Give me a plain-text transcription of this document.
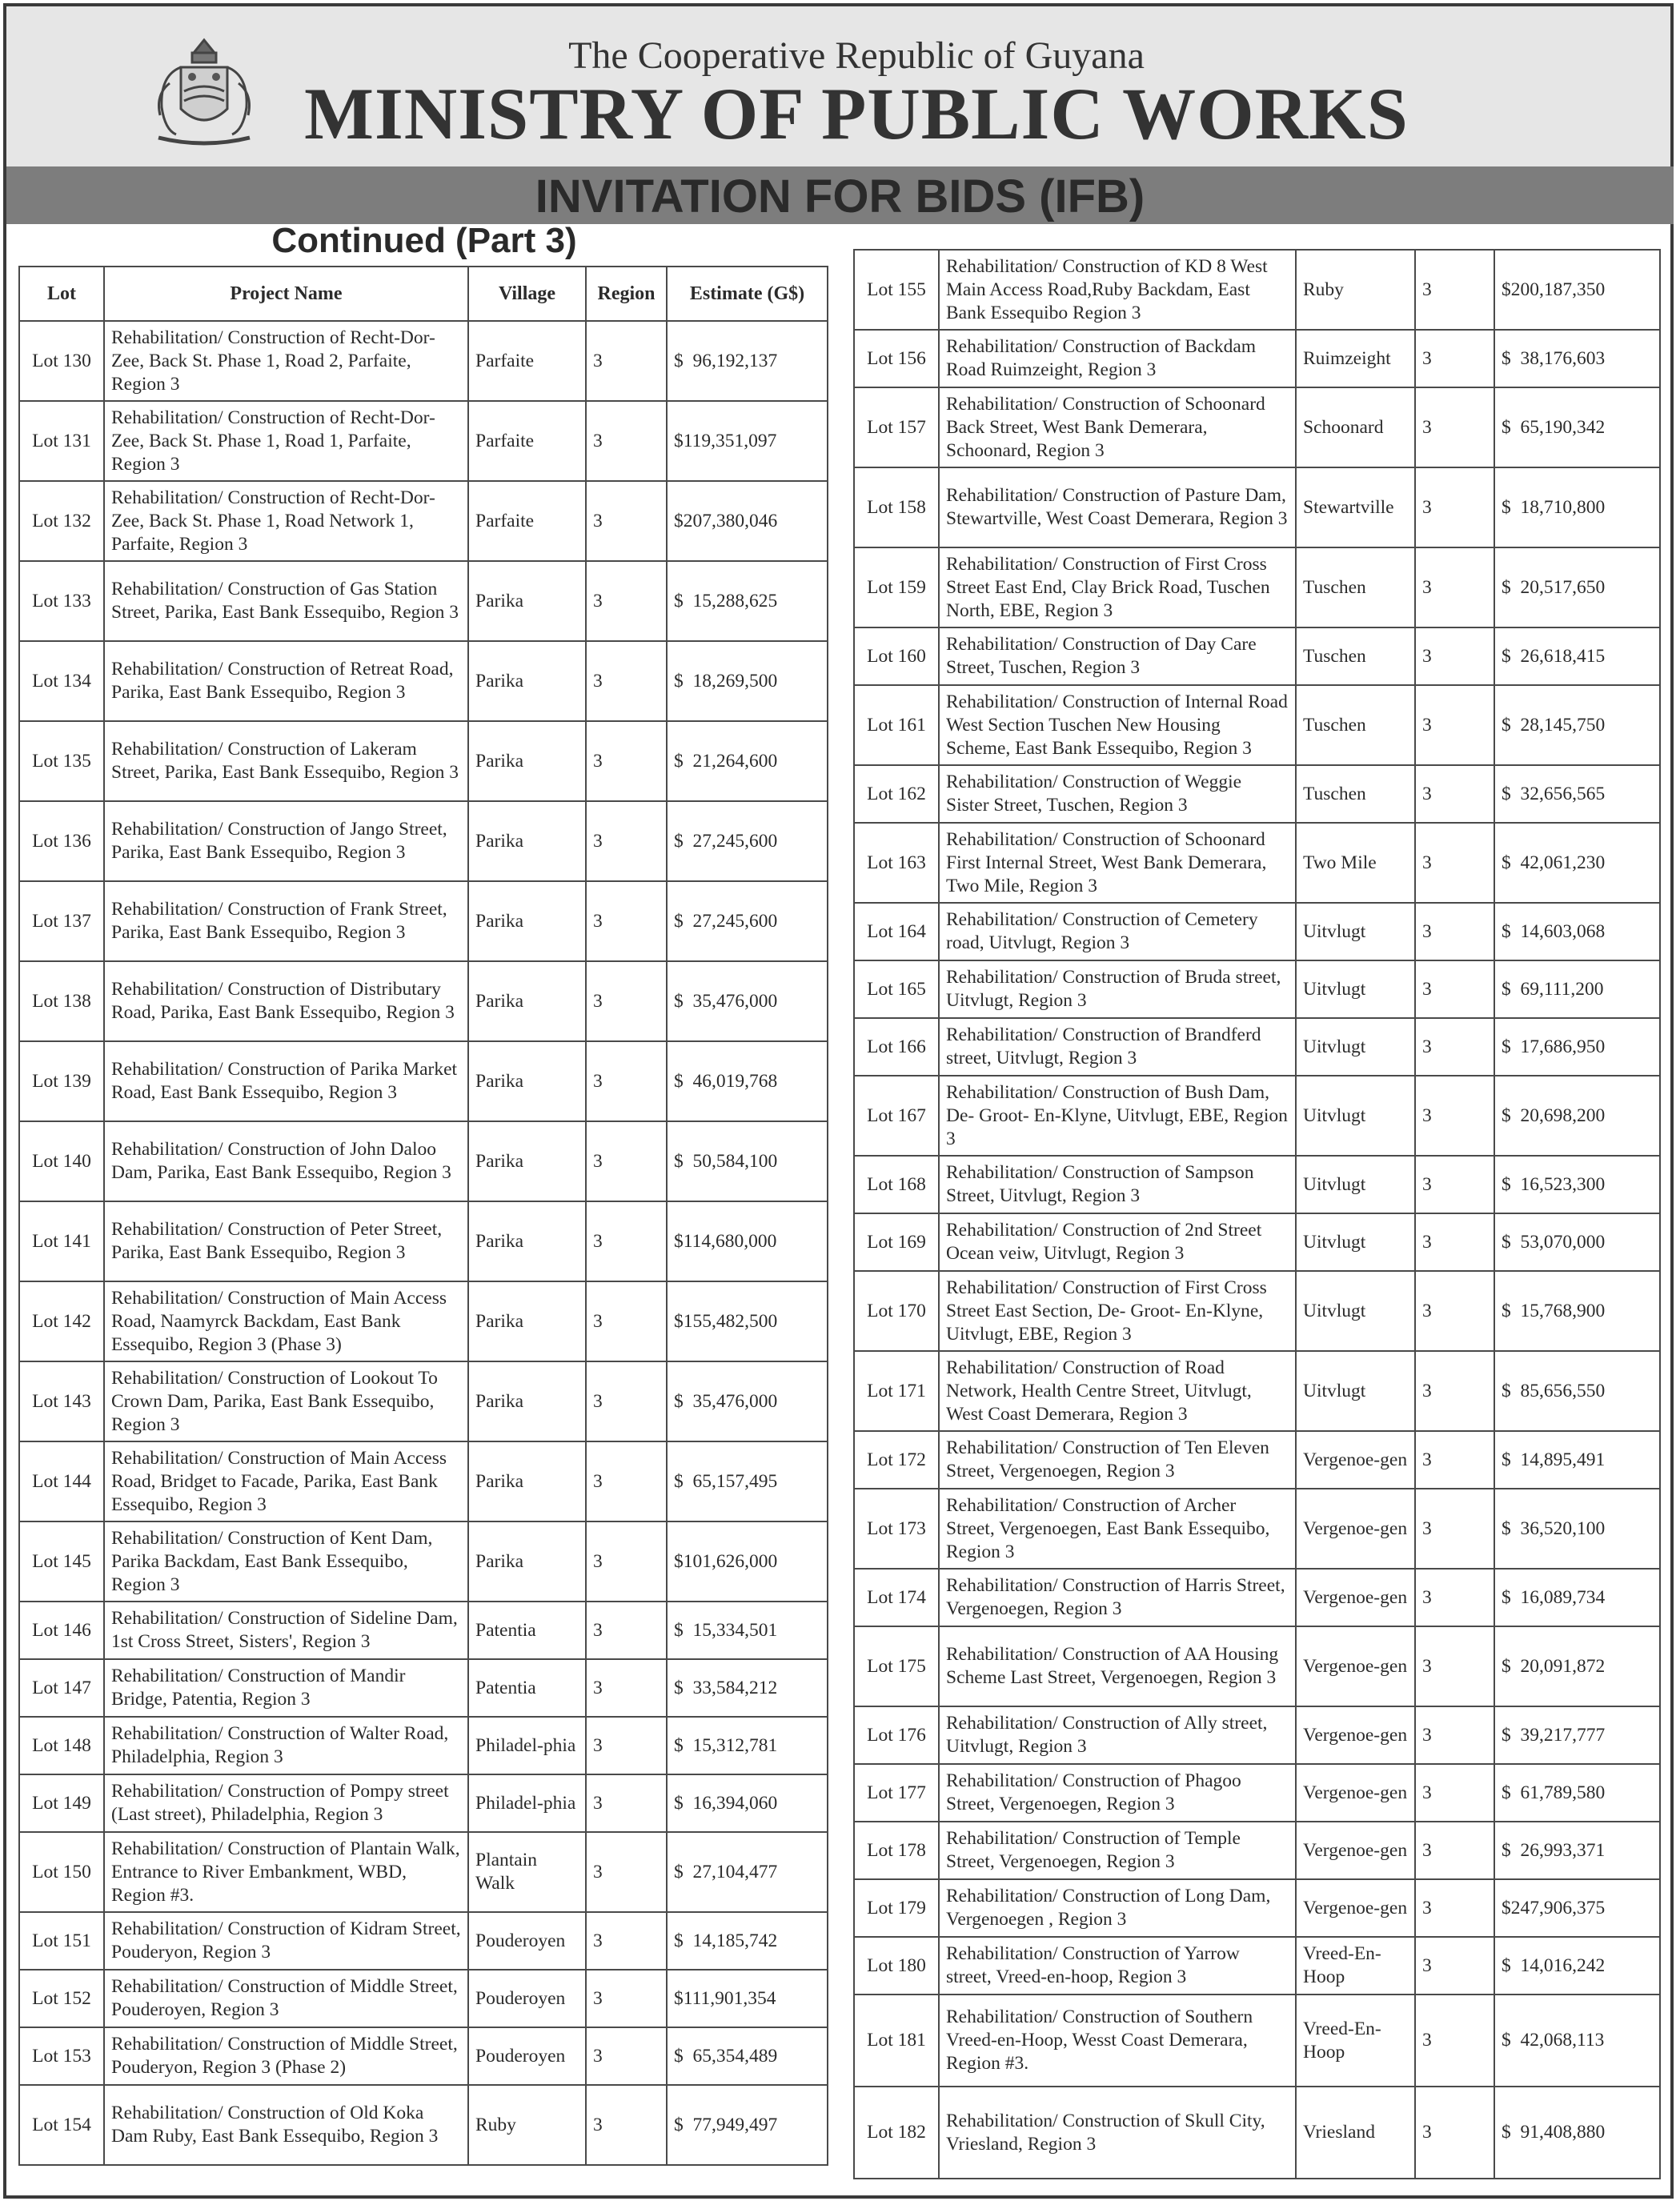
The Cooperative Republic of Guyana
MINISTRY OF PUBLIC WORKS
INVITATION FOR BIDS (IFB)
Continued (Part 3)
Lot	Project Name	Village	Region	Estimate (G$)
Lot 130	Rehabilitation/ Construction of Recht-Dor-Zee, Back St. Phase 1, Road 2, Parfaite, Region 3	Parfaite	3	$  96,192,137
Lot 131	Rehabilitation/ Construction of Recht-Dor-Zee, Back St. Phase 1, Road 1, Parfaite, Region 3	Parfaite	3	$119,351,097
Lot 132	Rehabilitation/ Construction of Recht-Dor-Zee, Back St. Phase 1, Road Network 1, Parfaite, Region 3	Parfaite	3	$207,380,046
Lot 133	Rehabilitation/ Construction of Gas Station Street, Parika, East Bank Essequibo, Region 3	Parika	3	$  15,288,625
Lot 134	Rehabilitation/ Construction of Retreat Road, Parika, East Bank Essequibo, Region 3	Parika	3	$  18,269,500
Lot 135	Rehabilitation/ Construction of Lakeram Street, Parika, East Bank Essequibo, Region 3	Parika	3	$  21,264,600
Lot 136	Rehabilitation/ Construction of Jango Street, Parika, East Bank Essequibo, Region 3	Parika	3	$  27,245,600
Lot 137	Rehabilitation/ Construction of Frank Street, Parika, East Bank Essequibo, Region 3	Parika	3	$  27,245,600
Lot 138	Rehabilitation/ Construction of Distributary Road, Parika, East Bank Essequibo, Region 3	Parika	3	$  35,476,000
Lot 139	Rehabilitation/ Construction of Parika Market Road, East Bank Essequibo, Region 3	Parika	3	$  46,019,768
Lot 140	Rehabilitation/ Construction of John Daloo Dam, Parika, East Bank Essequibo, Region 3	Parika	3	$  50,584,100
Lot 141	Rehabilitation/ Construction of Peter Street, Parika, East Bank Essequibo, Region 3	Parika	3	$114,680,000
Lot 142	Rehabilitation/ Construction of Main Access Road, Naamyrck Backdam, East Bank Essequibo, Region 3 (Phase 3)	Parika	3	$155,482,500
Lot 143	Rehabilitation/ Construction of Lookout To Crown Dam, Parika, East Bank Essequibo, Region 3	Parika	3	$  35,476,000
Lot 144	Rehabilitation/ Construction of Main Access Road, Bridget to Facade, Parika, East Bank Essequibo, Region 3	Parika	3	$  65,157,495
Lot 145	Rehabilitation/ Construction of Kent Dam, Parika Backdam, East Bank Essequibo, Region 3	Parika	3	$101,626,000
Lot 146	Rehabilitation/ Construction of Sideline Dam, 1st Cross Street, Sisters', Region 3	Patentia	3	$  15,334,501
Lot 147	Rehabilitation/ Construction of Mandir Bridge, Patentia, Region 3	Patentia	3	$  33,584,212
Lot 148	Rehabilitation/ Construction of Walter Road, Philadelphia, Region 3	Philadel-phia	3	$  15,312,781
Lot 149	Rehabilitation/ Construction of Pompy street (Last street), Philadelphia, Region 3	Philadel-phia	3	$  16,394,060
Lot 150	Rehabilitation/ Construction of Plantain Walk, Entrance to River Embankment, WBD, Region #3.	Plantain Walk	3	$  27,104,477
Lot 151	Rehabilitation/ Construction of Kidram Street, Pouderyon, Region 3	Pouderoyen	3	$  14,185,742
Lot 152	Rehabilitation/ Construction of Middle Street, Pouderoyen, Region 3	Pouderoyen	3	$111,901,354
Lot 153	Rehabilitation/ Construction of Middle Street, Pouderyon, Region 3 (Phase 2)	Pouderoyen	3	$  65,354,489
Lot 154	Rehabilitation/ Construction of Old Koka Dam Ruby, East Bank Essequibo, Region 3	Ruby	3	$  77,949,497
Lot 155	Rehabilitation/ Construction of KD 8 West Main Access Road,Ruby Backdam, East Bank Essequibo Region 3	Ruby	3	$200,187,350
Lot 156	Rehabilitation/ Construction of Backdam Road Ruimzeight, Region 3	Ruimzeight	3	$  38,176,603
Lot 157	Rehabilitation/ Construction of Schoonard Back Street, West Bank Demerara, Schoonard, Region 3	Schoonard	3	$  65,190,342
Lot 158	Rehabilitation/ Construction of Pasture Dam, Stewartville, West Coast Demerara, Region 3	Stewartville	3	$  18,710,800
Lot 159	Rehabilitation/ Construction of First Cross Street East End, Clay Brick Road, Tuschen North, EBE, Region 3	Tuschen	3	$  20,517,650
Lot 160	Rehabilitation/ Construction of Day Care Street, Tuschen, Region 3	Tuschen	3	$  26,618,415
Lot 161	Rehabilitation/ Construction of Internal Road West Section Tuschen New Housing Scheme, East Bank Essequibo, Region 3	Tuschen	3	$  28,145,750
Lot 162	Rehabilitation/ Construction of Weggie Sister Street, Tuschen, Region 3	Tuschen	3	$  32,656,565
Lot 163	Rehabilitation/ Construction of Schoonard First Internal Street, West Bank Demerara, Two Mile, Region 3	Two Mile	3	$  42,061,230
Lot 164	Rehabilitation/ Construction of Cemetery road, Uitvlugt, Region 3	Uitvlugt	3	$  14,603,068
Lot 165	Rehabilitation/ Construction of Bruda street, Uitvlugt, Region 3	Uitvlugt	3	$  69,111,200
Lot 166	Rehabilitation/ Construction of Brandferd street, Uitvlugt, Region 3	Uitvlugt	3	$  17,686,950
Lot 167	Rehabilitation/ Construction of Bush Dam, De- Groot- En-Klyne, Uitvlugt, EBE, Region 3	Uitvlugt	3	$  20,698,200
Lot 168	Rehabilitation/ Construction of Sampson Street, Uitvlugt, Region 3	Uitvlugt	3	$  16,523,300
Lot 169	Rehabilitation/ Construction of 2nd Street Ocean veiw, Uitvlugt, Region 3	Uitvlugt	3	$  53,070,000
Lot 170	Rehabilitation/ Construction of First Cross Street East Section, De- Groot- En-Klyne, Uitvlugt, EBE, Region 3	Uitvlugt	3	$  15,768,900
Lot 171	Rehabilitation/ Construction of Road Network, Health Centre Street, Uitvlugt, West Coast Demerara, Region 3	Uitvlugt	3	$  85,656,550
Lot 172	Rehabilitation/ Construction of Ten Eleven Street, Vergenoegen, Region 3	Vergenoe-gen	3	$  14,895,491
Lot 173	Rehabilitation/ Construction of Archer Street, Vergenoegen, East Bank Essequibo, Region 3	Vergenoe-gen	3	$  36,520,100
Lot 174	Rehabilitation/ Construction of Harris Street, Vergenoegen, Region 3	Vergenoe-gen	3	$  16,089,734
Lot 175	Rehabilitation/ Construction of AA Housing Scheme Last Street, Vergenoegen, Region 3	Vergenoe-gen	3	$  20,091,872
Lot 176	Rehabilitation/ Construction of Ally street, Uitvlugt, Region 3	Vergenoe-gen	3	$  39,217,777
Lot 177	Rehabilitation/ Construction of Phagoo Street, Vergenoegen, Region 3	Vergenoe-gen	3	$  61,789,580
Lot 178	Rehabilitation/ Construction of Temple Street, Vergenoegen, Region 3	Vergenoe-gen	3	$  26,993,371
Lot 179	Rehabilitation/ Construction of Long Dam, Vergenoegen , Region 3	Vergenoe-gen	3	$247,906,375
Lot 180	Rehabilitation/ Construction of Yarrow street, Vreed-en-hoop, Region 3	Vreed-En-Hoop	3	$  14,016,242
Lot 181	Rehabilitation/ Construction of Southern Vreed-en-Hoop, Wesst Coast Demerara, Region #3.	Vreed-En-Hoop	3	$  42,068,113
Lot 182	Rehabilitation/ Construction of Skull City, Vriesland, Region 3	Vriesland	3	$  91,408,880
